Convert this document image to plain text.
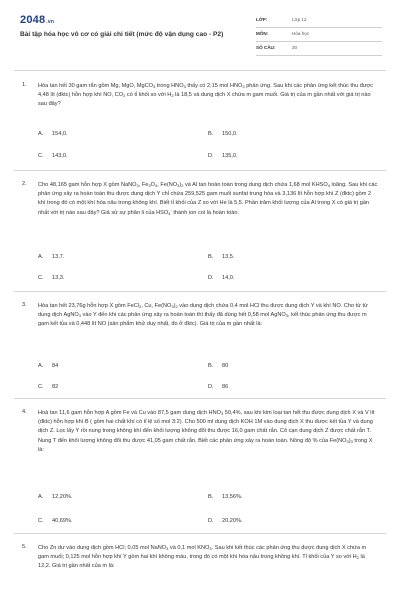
2048.vn
Bài tập hóa học vô cơ có giải chi tiết (mức độ vận dụng cao - P2)
LỚP:	Lớp 12
MÔN:	Hóa học
SỐ CÂU:	20
1. Hòa tan hết 30 gam rắn gồm Mg, MgO, MgCO$_3$ trong $HNO_3$ thấy có 2,15 mol $HNO_3$ phản ứng. Sau khi các phản ứng kết thúc thu được 4,48 lít (đktc) hỗn hợp khí NO, $CO_2$ có tỉ khối so với $H_2$ là 18,5 và dung dịch X chứa m gam muối. Giá trị của m gần nhất với giá trị nào sau đây?
A. 154,0.	B. 150,0.
C. 143,0.	D. 135,0.
2. Cho 48,165 gam hỗn hợp X gồm NaNO$_3$, $Fe_3O_4$, $Fe(NO_3)_2$ và Al tan hoàn toàn trong dung dịch chứa 1,68 mol $KHSO_4$ loãng. Sau khi các phản ứng xảy ra hoàn toàn thu được dung dịch Y chỉ chứa 259,525 gam muối sunfat trung hòa và 3,136 lít hỗn hợp khí Z (đktc) gồm 2 khí trong đó có một khí hóa nâu trong không khí. Biết tỉ khối của Z so với He là 5,5. Phần trăm khối lượng của Al trong X có giá trị gần nhất với trị nào sau đây? Giả sử sự phân li của $HSO_4^-$ thành ion coi là hoàn toàn.
A. 13,7.	B. 13,5.
C. 13,3.	D. 14,0.
3. Hòa tan hết 23,76g hỗn hợp X gồm FeCl$_2$, Cu, $Fe(NO_3)_2$ vào dung dịch chứa 0,4 mol HCl thu được dung dịch Y và khí NO. Cho từ từ dung dịch AgNO$_3$ vào Y đến khi các phản ứng xảy ra hoàn toàn thì thấy đã dùng hết 0,58 mol AgNO$_3$, kết thúc phản ứng thu được m gam kết tủa và 0,448 lít NO (sản phẩm khử duy nhất, đo ở đktc). Giá trị của m gần nhất là:
A. 84	B. 80
C. 82	D. 86
4. Hoà tan 11,6 gam hỗn hợp A gồm Fe và Cu vào 87,5 gam dung dịch $HNO_3$ 50,4%, sau khi kim loại tan hết thu được dung dịch X và V lít (đktc) hỗn hợp khí B ( gồm hai chất khí có tỉ lệ số mol 3:2). Cho 500 ml dung dịch KOH 1M vào dung dịch X thu được kết tủa Y và dung dịch Z. Lọc lấy Y rồi nung trong không khí đến khối lượng không đổi thu được 16,0 gam chất rắn. Cô cạn dung dịch Z được chất rắn T. Nung T đến khối lượng không đổi thu được 41,05 gam chất rắn. Biết các phản ứng xảy ra hoàn toàn. Nồng độ % của $Fe(NO_3)_3$ trong X là:
A. 12,20%.	B. 13,56%.
C. 40,69%.	D. 20,20%.
5. Cho Zn dư vào dung dịch gồm HCl; 0,05 mol NaNO$_3$ và 0,1 mol $KNO_3$. Sau khi kết thúc các phản ứng thu được dung dịch X chứa m gam muối; 0,125 mol hỗn hợp khí Y gồm hai khí không màu, trong đó có một khí hóa nâu trong không khí. Tỉ khối của Y so với $H_2$ là 12,2. Giá trị gần nhất của m là:
